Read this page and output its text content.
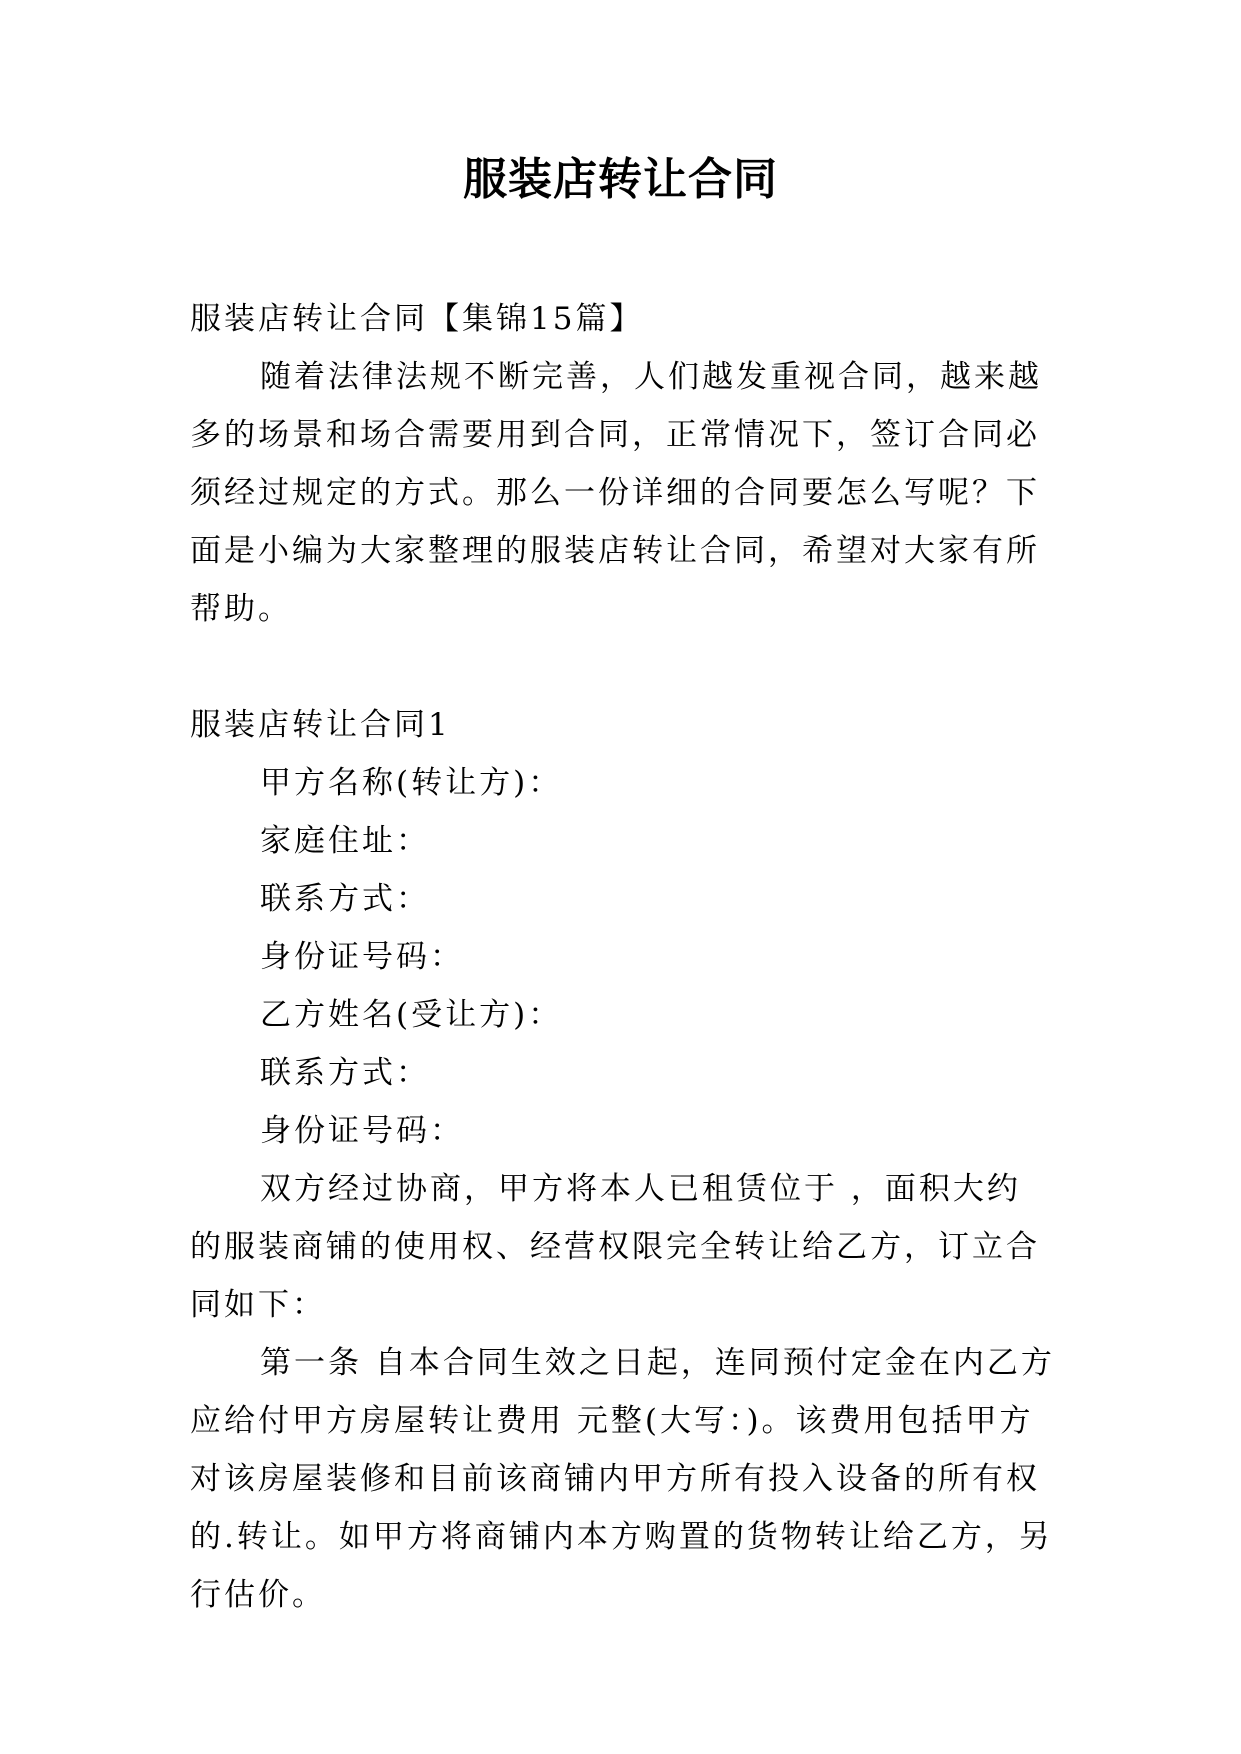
服装店转让合同

服装店转让合同【集锦15篇】

随着法律法规不断完善，人们越发重视合同，越来越多的场景和场合需要用到合同，正常情况下，签订合同必须经过规定的方式。那么一份详细的合同要怎么写呢？下面是小编为大家整理的服装店转让合同，希望对大家有所帮助。

服装店转让合同1

甲方名称(转让方)：

家庭住址：

联系方式：

身份证号码：

乙方姓名(受让方)：

联系方式：

身份证号码：

双方经过协商，甲方将本人已租赁位于 ，面积大约 的服装商铺的使用权、经营权限完全转让给乙方，订立合同如下：

第一条 自本合同生效之日起，连同预付定金在内乙方应给付甲方房屋转让费用 元整(大写：)。该费用包括甲方对该房屋装修和目前该商铺内甲方所有投入设备的所有权的.转让。如甲方将商铺内本方购置的货物转让给乙方，另行估价。
